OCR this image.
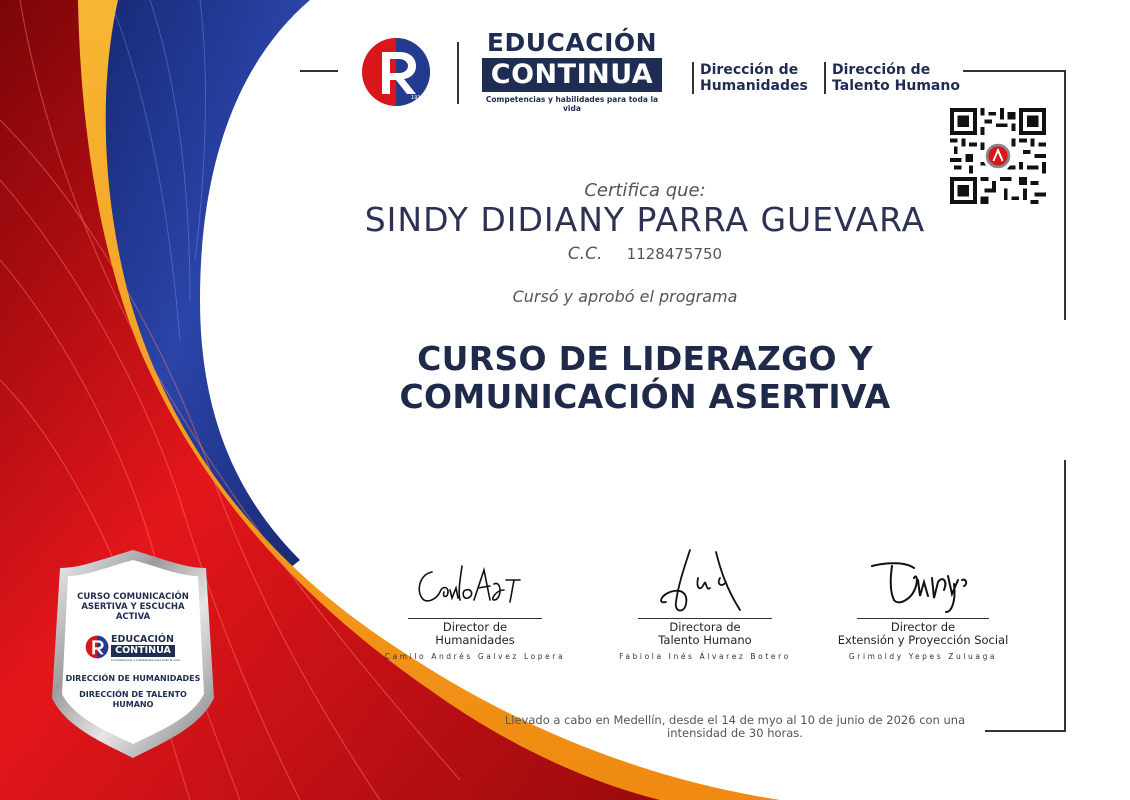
1915
EDUCACIÓN
CONTINUA
Competencias y habilidades para toda la vida
Dirección de
Humanidades
Dirección de
Talento Humano
Certifica que:
SINDY DIDIANY PARRA GUEVARA
C.C. 1128475750
Cursó y aprobó el programa
CURSO DE LIDERAZGO Y
COMUNICACIÓN ASERTIVA
Director de
Humanidades
Camilo Andrés Galvez Lopera
Directora de
Talento Humano
Fabiola Inés Álvarez Botero
Director de
Extensión y Proyección Social
Grimoldy Yepes Zuluaga
Llevado a cabo en Medellín, desde el 14 de myo al 10 de junio de 2026 con una
intensidad de 30 horas.
CURSO COMUNICACIÓN
ASERTIVA Y ESCUCHA
ACTIVA
EDUCACIÓN
CONTINUA
Competencias y habilidades para toda la vida
DIRECCIÓN DE HUMANIDADES
DIRECCIÓN DE TALENTO
HUMANO
